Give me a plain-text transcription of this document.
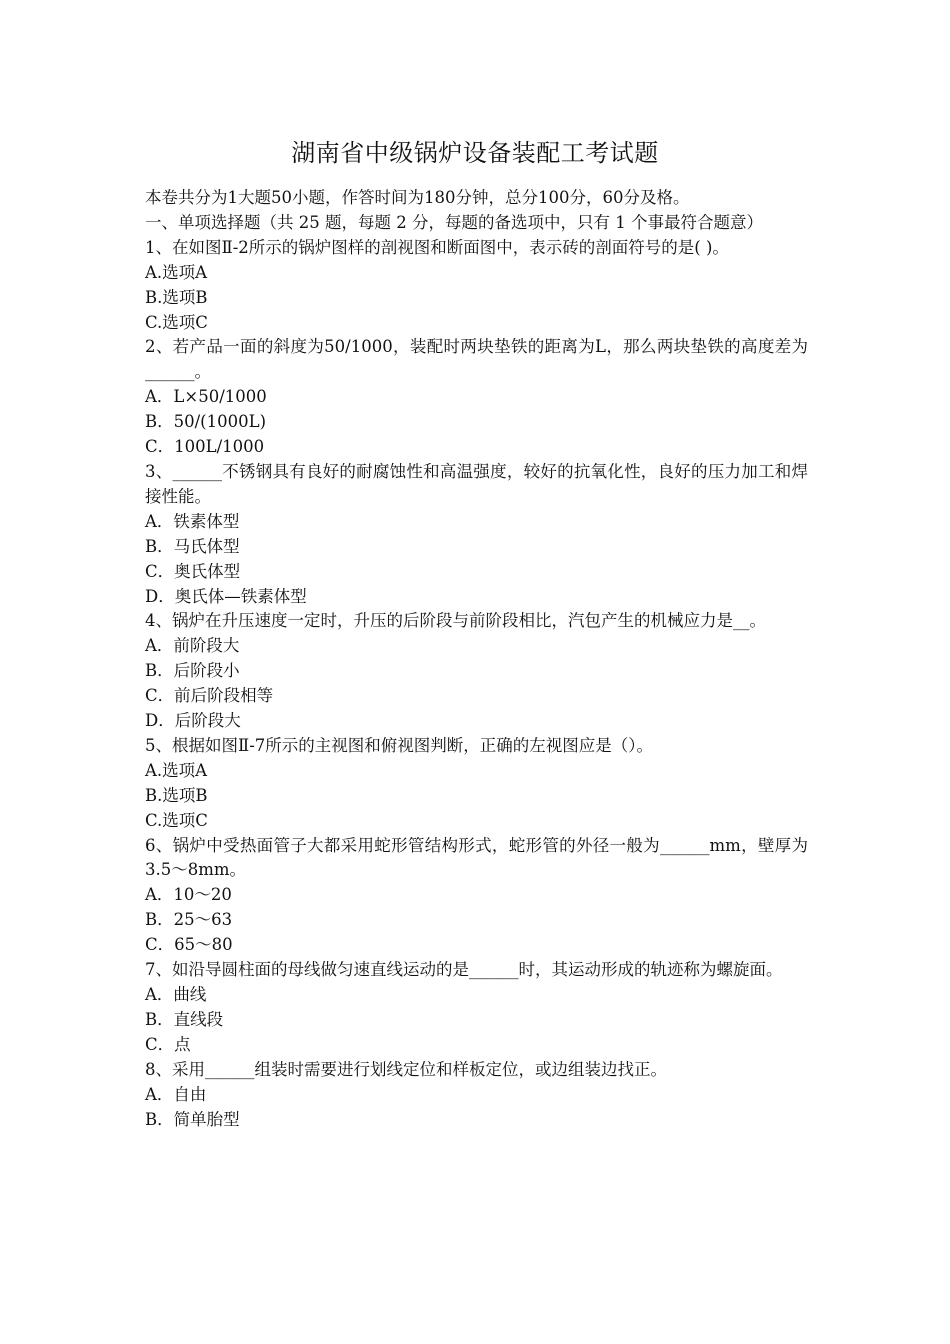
湖南省中级锅炉设备装配工考试题
本卷共分为1大题50小题，作答时间为180分钟，总分100分，60分及格。
一、单项选择题（共 25 题，每题 2 分，每题的备选项中，只有 1 个事最符合题意）
1、在如图Ⅱ-2所示的锅炉图样的剖视图和断面图中，表示砖的剖面符号的是( )。
A.选项A
B.选项B
C.选项C
2、若产品一面的斜度为50/1000，装配时两块垫铁的距离为L，那么两块垫铁的高度差为______。
A．L×50/1000
B．50/(1000L)
C．100L/1000
3、______不锈钢具有良好的耐腐蚀性和高温强度，较好的抗氧化性，良好的压力加工和焊接性能。
A．铁素体型
B．马氏体型
C．奥氏体型
D．奥氏体—铁素体型
4、锅炉在升压速度一定时，升压的后阶段与前阶段相比，汽包产生的机械应力是__。
A．前阶段大
B．后阶段小
C．前后阶段相等
D．后阶段大
5、根据如图Ⅱ-7所示的主视图和俯视图判断，正确的左视图应是（）。
A.选项A
B.选项B
C.选项C
6、锅炉中受热面管子大都采用蛇形管结构形式，蛇形管的外径一般为______mm，壁厚为3.5～8mm。
A．10～20
B．25～63
C．65～80
7、如沿导圆柱面的母线做匀速直线运动的是______时，其运动形成的轨迹称为螺旋面。
A．曲线
B．直线段
C．点
8、采用______组装时需要进行划线定位和样板定位，或边组装边找正。
A．自由
B．简单胎型
